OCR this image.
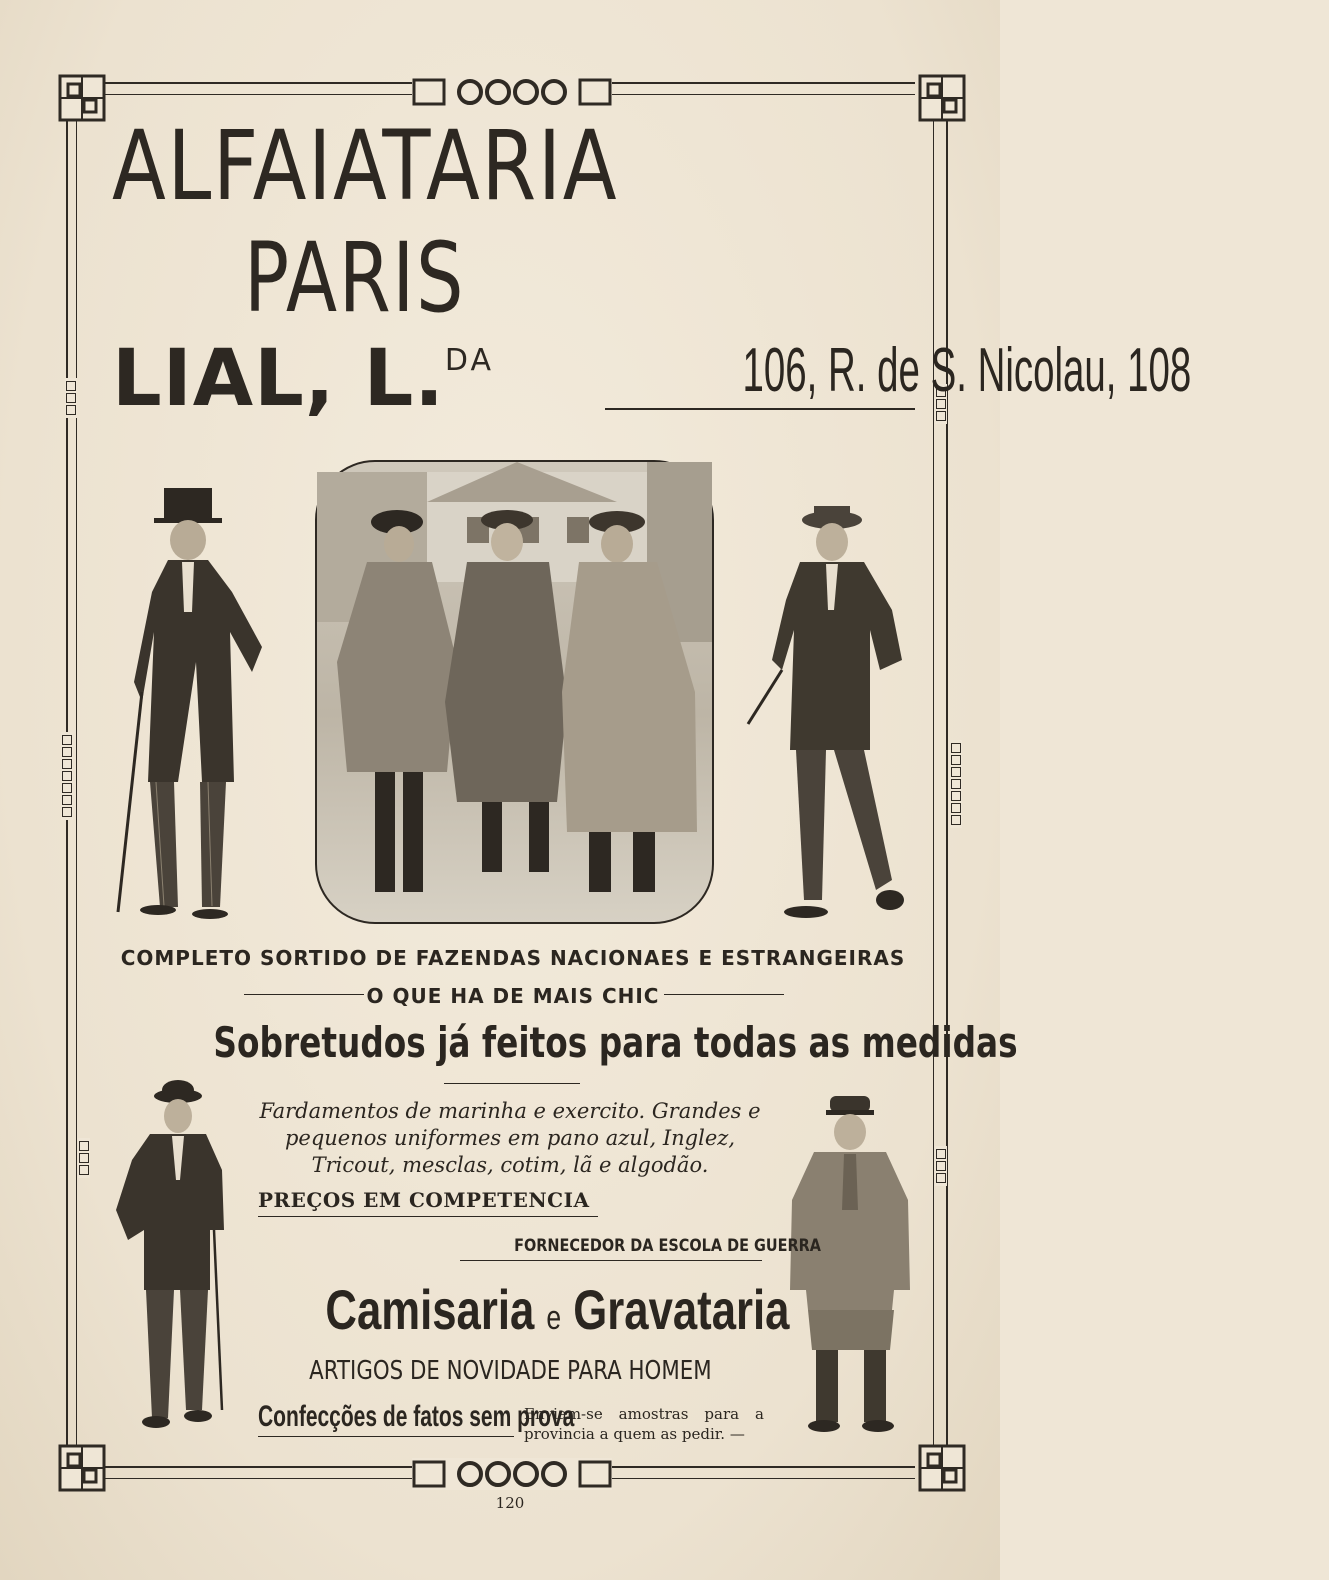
ALFAIATARIA
PARIS
LIAL, L.$^{DA}$	106, R. de S. Nicolau, 108
COMPLETO SORTIDO DE FAZENDAS NACIONAES E ESTRANGEIRAS
O QUE HA DE MAIS CHIC
Sobretudos já feitos para todas as medidas
Fardamentos de marinha e exercito. Grandes e pequenos uniformes em pano azul, Inglez, Tricout, mesclas, cotim, lã e algodão.
PREÇOS EM COMPETENCIA
FORNECEDOR DA ESCOLA DE GUERRA
Camisaria e Gravataria
ARTIGOS DE NOVIDADE PARA HOMEM
Confecções de fatos sem prova
Enviam-se amostras para a provincia a quem as pedir. —
120
